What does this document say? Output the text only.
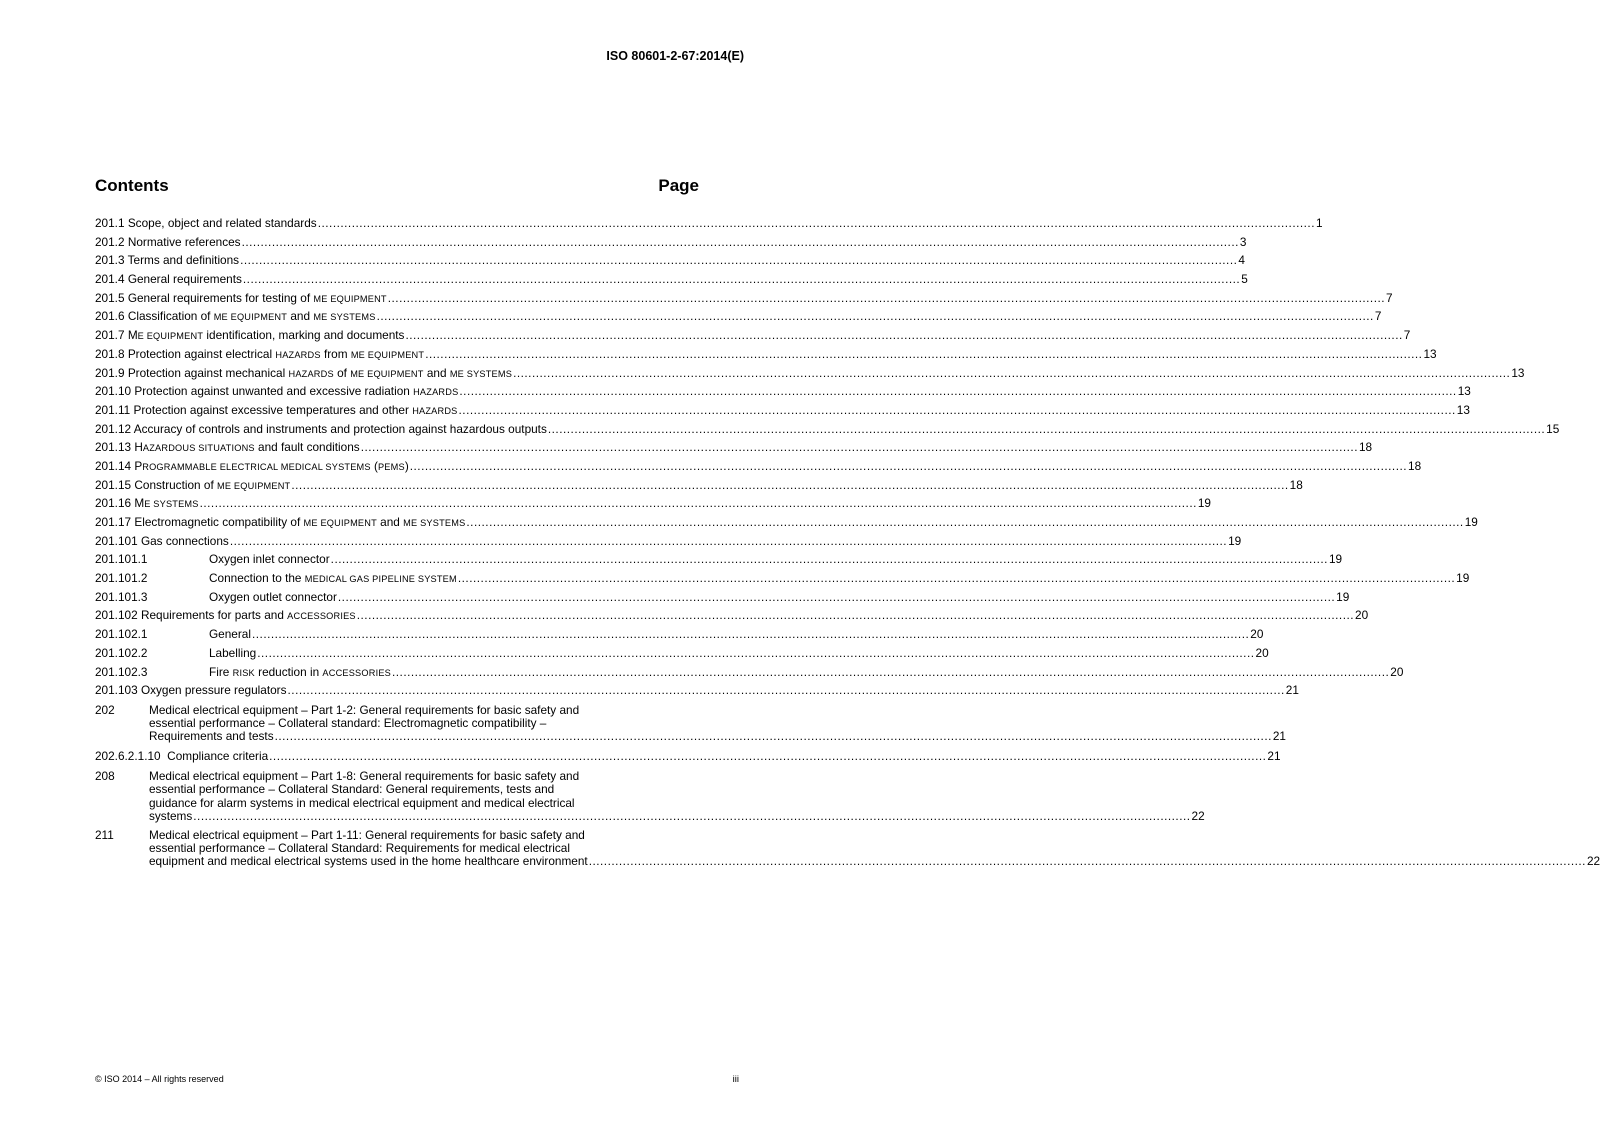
ISO 80601-2-67:2014(E)
Contents	Page
201.1 Scope, object and related standards .....	1
201.2 Normative references .....	3
201.3 Terms and definitions .....	4
201.4 General requirements .....	5
201.5 General requirements for testing of ME EQUIPMENT .....	7
201.6 Classification of ME EQUIPMENT and ME SYSTEMS .....	7
201.7 ME EQUIPMENT identification, marking and documents .....	7
201.8 Protection against electrical HAZARDS from ME EQUIPMENT .....	13
201.9 Protection against mechanical HAZARDS of ME EQUIPMENT and ME SYSTEMS .....	13
201.10 Protection against unwanted and excessive radiation HAZARDS .....	13
201.11 Protection against excessive temperatures and other HAZARDS .....	13
201.12 Accuracy of controls and instruments and protection against hazardous outputs .....	15
201.13 HAZARDOUS SITUATIONS and fault conditions .....	18
201.14 PROGRAMMABLE ELECTRICAL MEDICAL SYSTEMS (PEMS) .....	18
201.15 Construction of ME EQUIPMENT .....	18
201.16 ME SYSTEMS .....	19
201.17 Electromagnetic compatibility of ME EQUIPMENT and ME SYSTEMS .....	19
201.101 Gas connections .....	19
201.101.1	Oxygen inlet connector .....	19
201.101.2	Connection to the MEDICAL GAS PIPELINE SYSTEM .....	19
201.101.3	Oxygen outlet connector .....	19
201.102 Requirements for parts and ACCESSORIES .....	20
201.102.1	General .....	20
201.102.2	Labelling .....	20
201.102.3	Fire RISK reduction in ACCESSORIES .....	20
201.103 Oxygen pressure regulators .....	21
202	Medical electrical equipment – Part 1-2: General requirements for basic safety and
essential performance – Collateral standard: Electromagnetic compatibility –
Requirements and tests .....	21
202.6.2.1.10 Compliance criteria .....	21
208	Medical electrical equipment – Part 1-8: General requirements for basic safety and
essential performance – Collateral Standard: General requirements, tests and
guidance for alarm systems in medical electrical equipment and medical electrical
systems .....	22
211	Medical electrical equipment – Part 1-11: General requirements for basic safety and
essential performance – Collateral Standard: Requirements for medical electrical
equipment and medical electrical systems used in the home healthcare environment .....	22
© ISO 2014 – All rights reserved	iii
